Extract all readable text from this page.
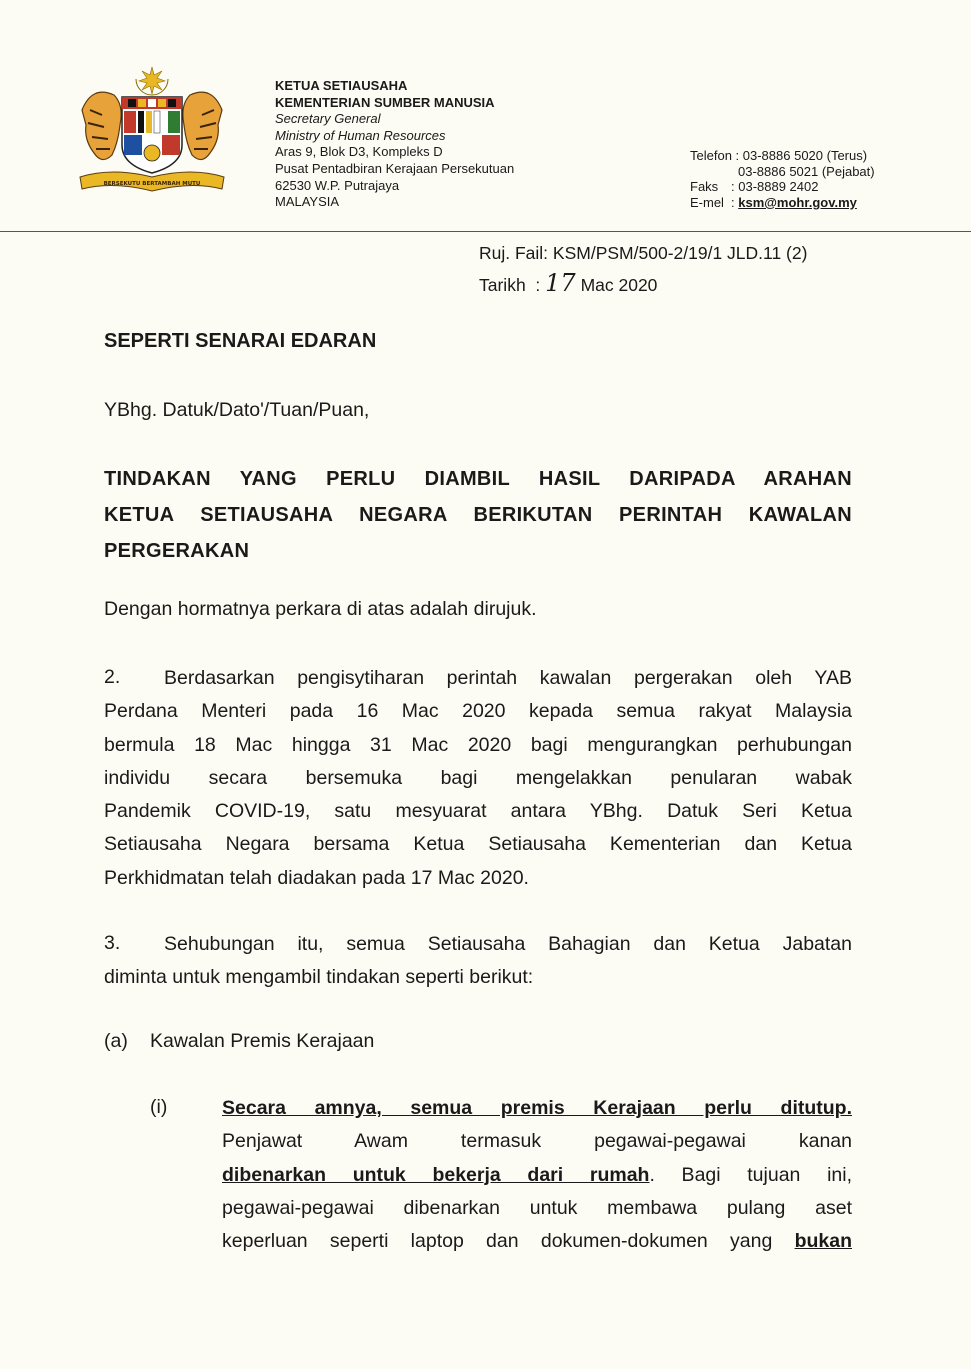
BERSEKUTU BERTAMBAH MUTU
KETUA SETIAUSAHA
KEMENTERIAN SUMBER MANUSIA
Secretary General
Ministry of Human Resources
Aras 9, Blok D3, Kompleks D
Pusat Pentadbiran Kerajaan Persekutuan
62530 W.P. Putrajaya
MALAYSIA
Telefon : 03-8886 5020 (Terus)
03-8886 5021 (Pejabat)
Faks : 03-8889 2402
E-mel : ksm@mohr.gov.my
Ruj. Fail: KSM/PSM/500-2/19/1 JLD.11 (2)
Tarikh  : 17 Mac 2020
SEPERTI SENARAI EDARAN
YBhg. Datuk/Dato'/Tuan/Puan,
TINDAKAN YANG PERLU DIAMBIL HASIL DARIPADA ARAHAN
KETUA SETIAUSAHA NEGARA BERIKUTAN PERINTAH KAWALAN
PERGERAKAN
Dengan hormatnya perkara di atas adalah dirujuk.
2.	Berdasarkan pengisytiharan perintah kawalan pergerakan oleh YAB
Perdana Menteri pada 16 Mac 2020 kepada semua rakyat Malaysia
bermula 18 Mac hingga 31 Mac 2020 bagi mengurangkan perhubungan
individu secara bersemuka bagi mengelakkan penularan wabak
Pandemik COVID-19, satu mesyuarat antara YBhg. Datuk Seri Ketua
Setiausaha Negara bersama Ketua Setiausaha Kementerian dan Ketua
Perkhidmatan telah diadakan pada 17 Mac 2020.
3.	Sehubungan itu, semua Setiausaha Bahagian dan Ketua Jabatan
diminta untuk mengambil tindakan seperti berikut:
(a) Kawalan Premis Kerajaan
(i)	Secara amnya, semua premis Kerajaan perlu ditutup.
Penjawat Awam termasuk pegawai-pegawai kanan
dibenarkan untuk bekerja dari rumah. Bagi tujuan ini,
pegawai-pegawai dibenarkan untuk membawa pulang aset
keperluan seperti laptop dan dokumen-dokumen yang bukan
